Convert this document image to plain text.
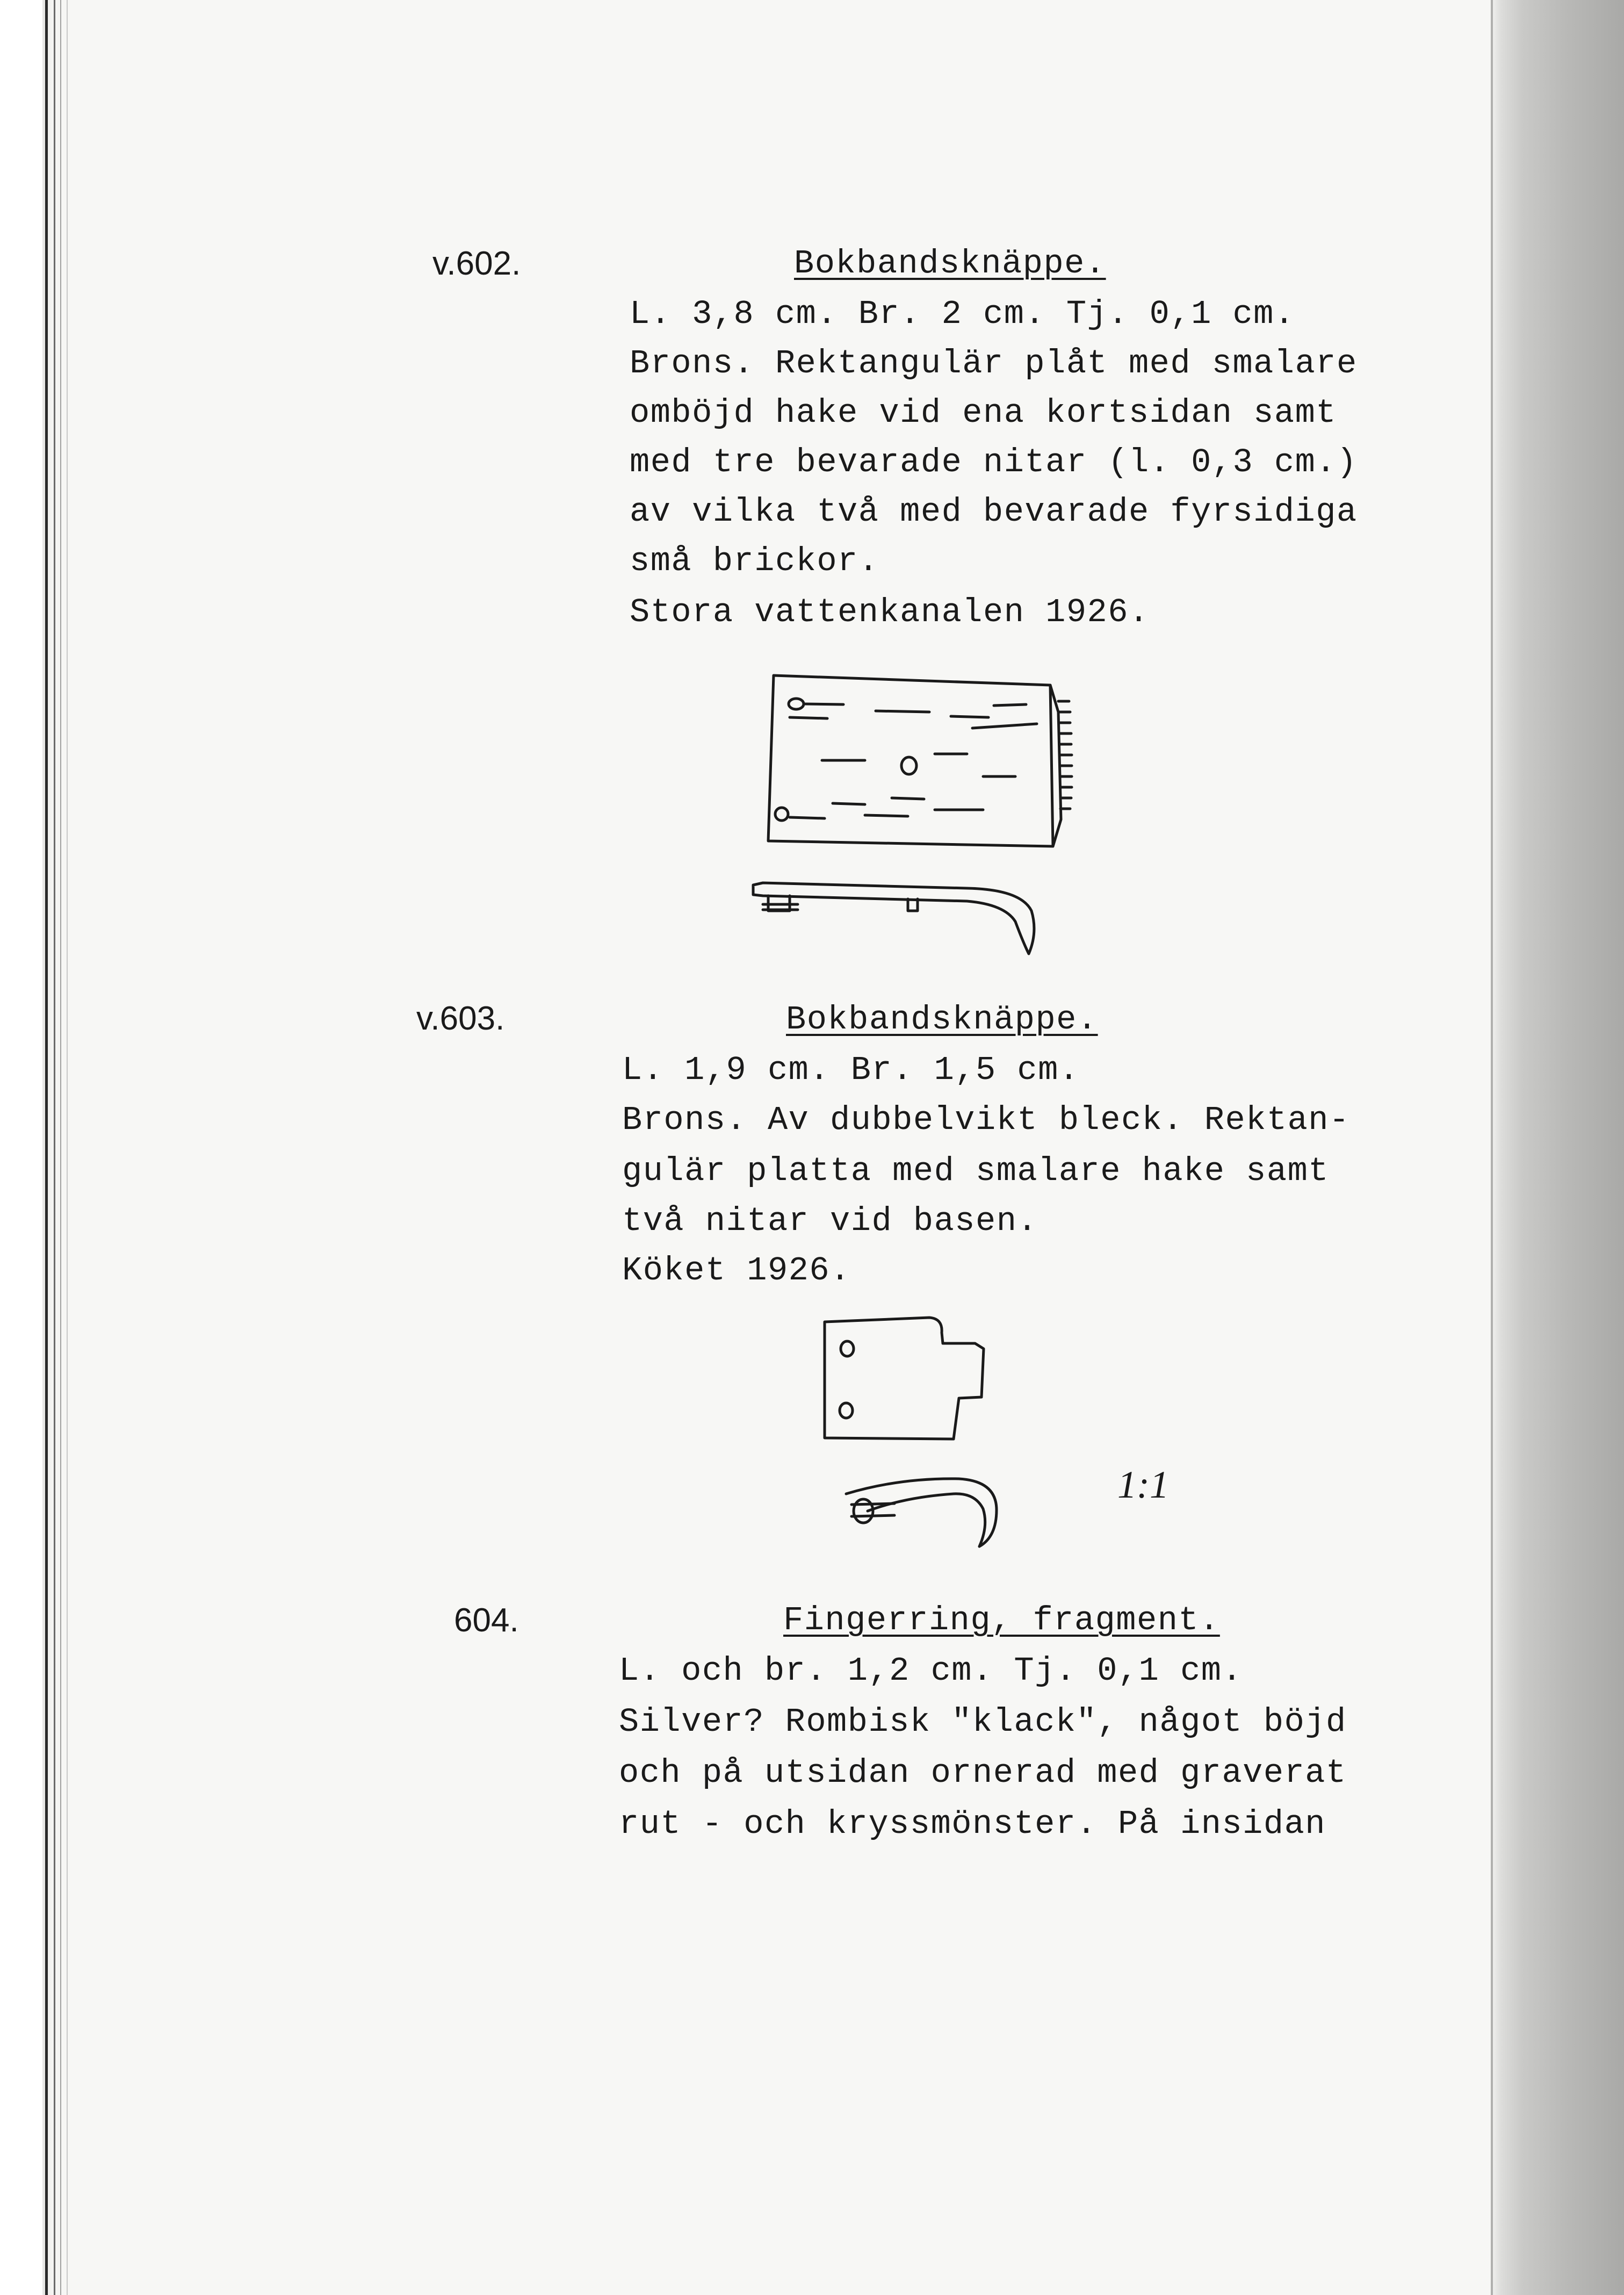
v.602.	Bokbandsknäppe.
L. 3,8 cm. Br. 2 cm. Tj. 0,1 cm.
Brons. Rektangulär plåt med smalare
omböjd hake vid ena kortsidan samt
med tre bevarade nitar (l. 0,3 cm.)
av vilka två med bevarade fyrsidiga
små brickor.
Stora vattenkanalen 1926.
v.603.	Bokbandsknäppe.
L. 1,9 cm. Br. 1,5 cm.
Brons. Av dubbelvikt bleck. Rektan-
gulär platta med smalare hake samt
två nitar vid basen.
Köket 1926.
1:1
604.	Fingerring, fragment.
L. och br. 1,2 cm. Tj. 0,1 cm.
Silver? Rombisk "klack", något böjd
och på utsidan ornerad med graverat
rut - och kryssmönster. På insidan
